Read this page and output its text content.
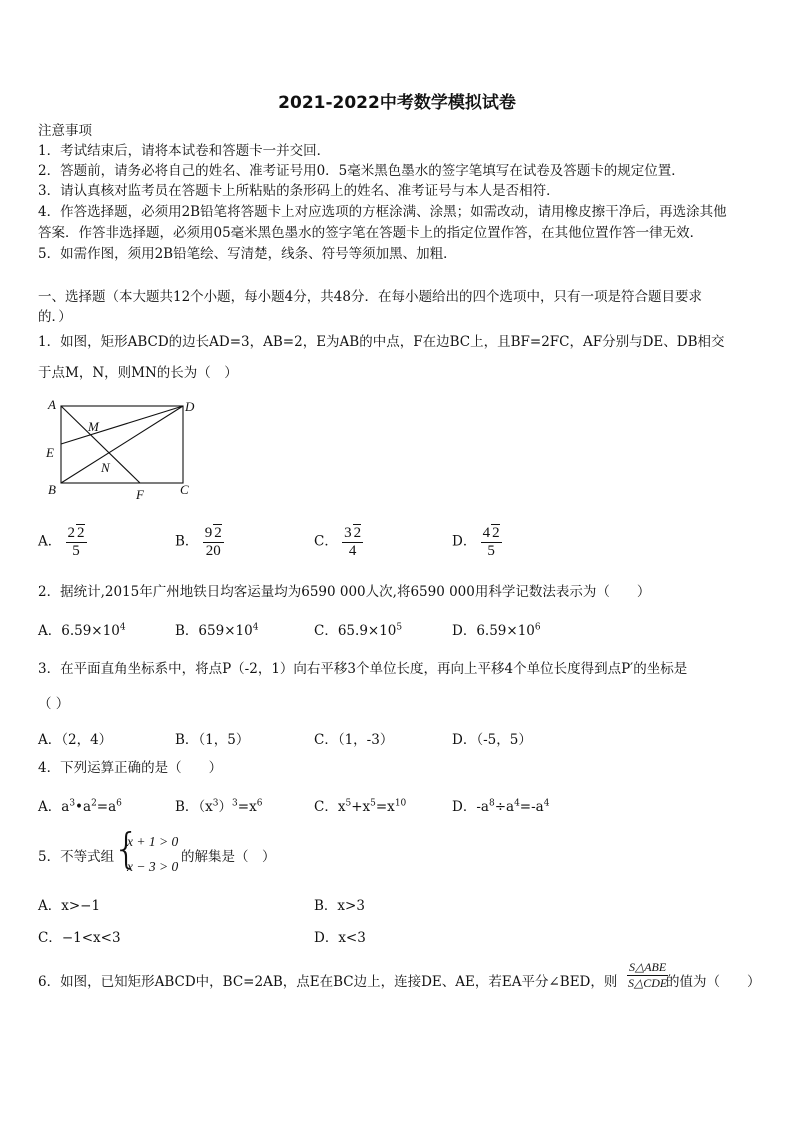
2021-2022中考数学模拟试卷
注意事项
1．考试结束后，请将本试卷和答题卡一并交回．
2．答题前，请务必将自己的姓名、准考证号用0．5毫米黑色墨水的签字笔填写在试卷及答题卡的规定位置．
3．请认真核对监考员在答题卡上所粘贴的条形码上的姓名、准考证号与本人是否相符．
4．作答选择题，必须用2B铅笔将答题卡上对应选项的方框涂满、涂黑；如需改动，请用橡皮擦干净后，再选涂其他
答案．作答非选择题，必须用05毫米黑色墨水的签字笔在答题卡上的指定位置作答，在其他位置作答一律无效．
5．如需作图，须用2B铅笔绘、写清楚，线条、符号等须加黑、加粗．
一、选择题（本大题共12个小题，每小题4分，共48分．在每小题给出的四个选项中，只有一项是符合题目要求
的．）
1．如图，矩形ABCD的边长AD=3，AB=2，E为AB的中点，F在边BC上，且BF=2FC，AF分别与DE、DB相交
于点M，N，则MN的长为（　）
A	D
M
E
N
B	F	C
A． $\frac{2 2}{5}$	B． $\frac{9 2}{20}$	C． $\frac{3 2}{4}$	D． $\frac{4 2}{5}$
2．据统计,2015年广州地铁日均客运量均为6590 000人次,将6590 000用科学记数法表示为（　　）
A．$6.59\times 10^4$	B．$659\times 10^4$	C．$65.9\times 10^5$	D．$6.59\times 10^6$
3．在平面直角坐标系中，将点P（-2，1）向右平移3个单位长度，再向上平移4个单位长度得到点P′的坐标是
（ ）
A．（2，4）	B．（1，5）	C．（1，-3）	D．（-5，5）
4．下列运算正确的是（　　）
A．$a^3•a^2=a^6$	B．$(x^3)^3=x^6$	C．$x^5+x^5=x^{10}$	D．$-a^8\div a^4=-a^4$
5．不等式组
{
x + 1 > 0
x − 3 > 0
的解集是（　）
A．x>−1	B．x>3
C．−1<x<3	D．x<3
6．如图，已知矩形ABCD中，BC=2AB，点E在BC边上，连接DE、AE，若EA平分∠BED，则 $\frac{\text{S△ABE}}{\text{S△CDE}}$
的值为（　　）
